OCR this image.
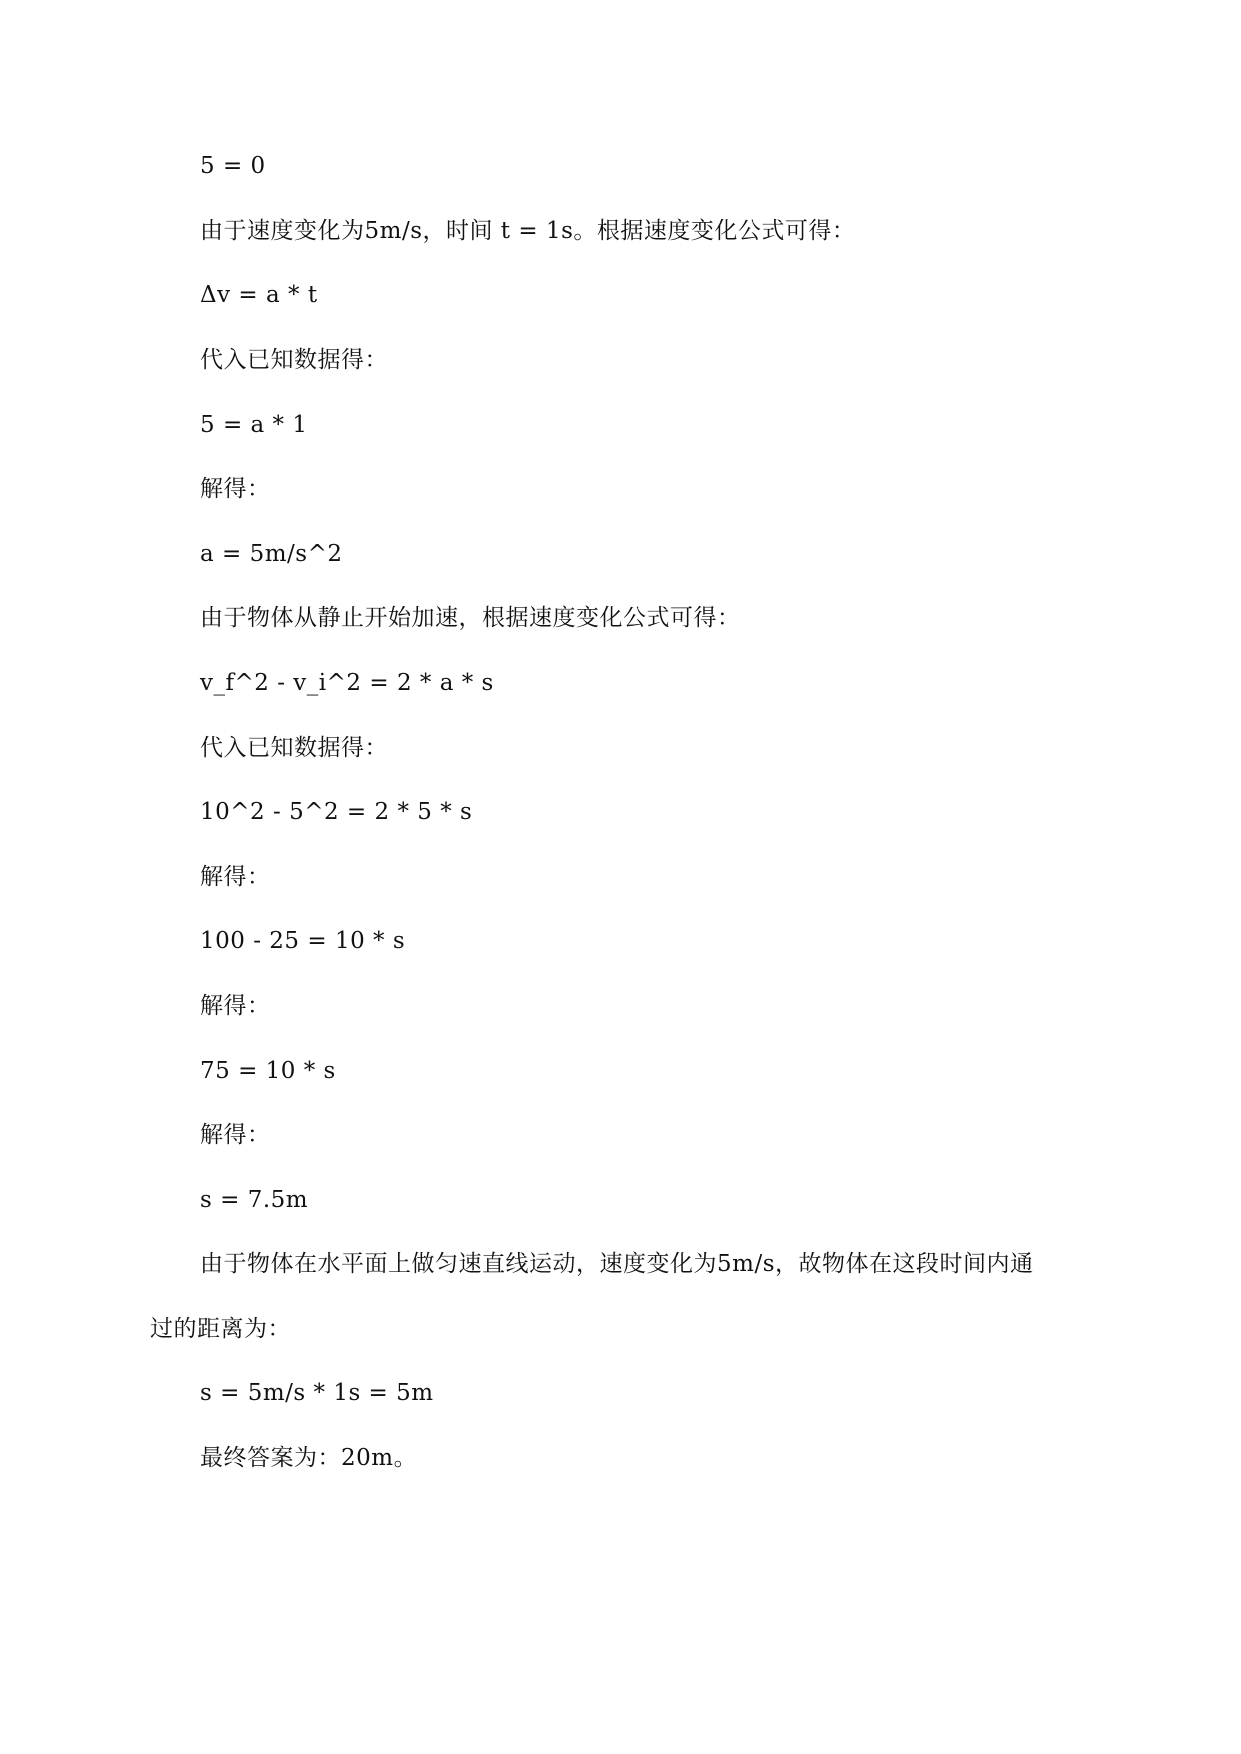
5 = 0
由于速度变化为5m/s，时间 t = 1s。根据速度变化公式可得：
Δv = a * t
代入已知数据得：
5 = a * 1
解得：
a = 5m/s^2
由于物体从静止开始加速，根据速度变化公式可得：
v_f^2 - v_i^2 = 2 * a * s
代入已知数据得：
10^2 - 5^2 = 2 * 5 * s
解得：
100 - 25 = 10 * s
解得：
75 = 10 * s
解得：
s = 7.5m
由于物体在水平面上做匀速直线运动，速度变化为5m/s，故物体在这段时间内通
过的距离为：
s = 5m/s * 1s = 5m
最终答案为：20m。
